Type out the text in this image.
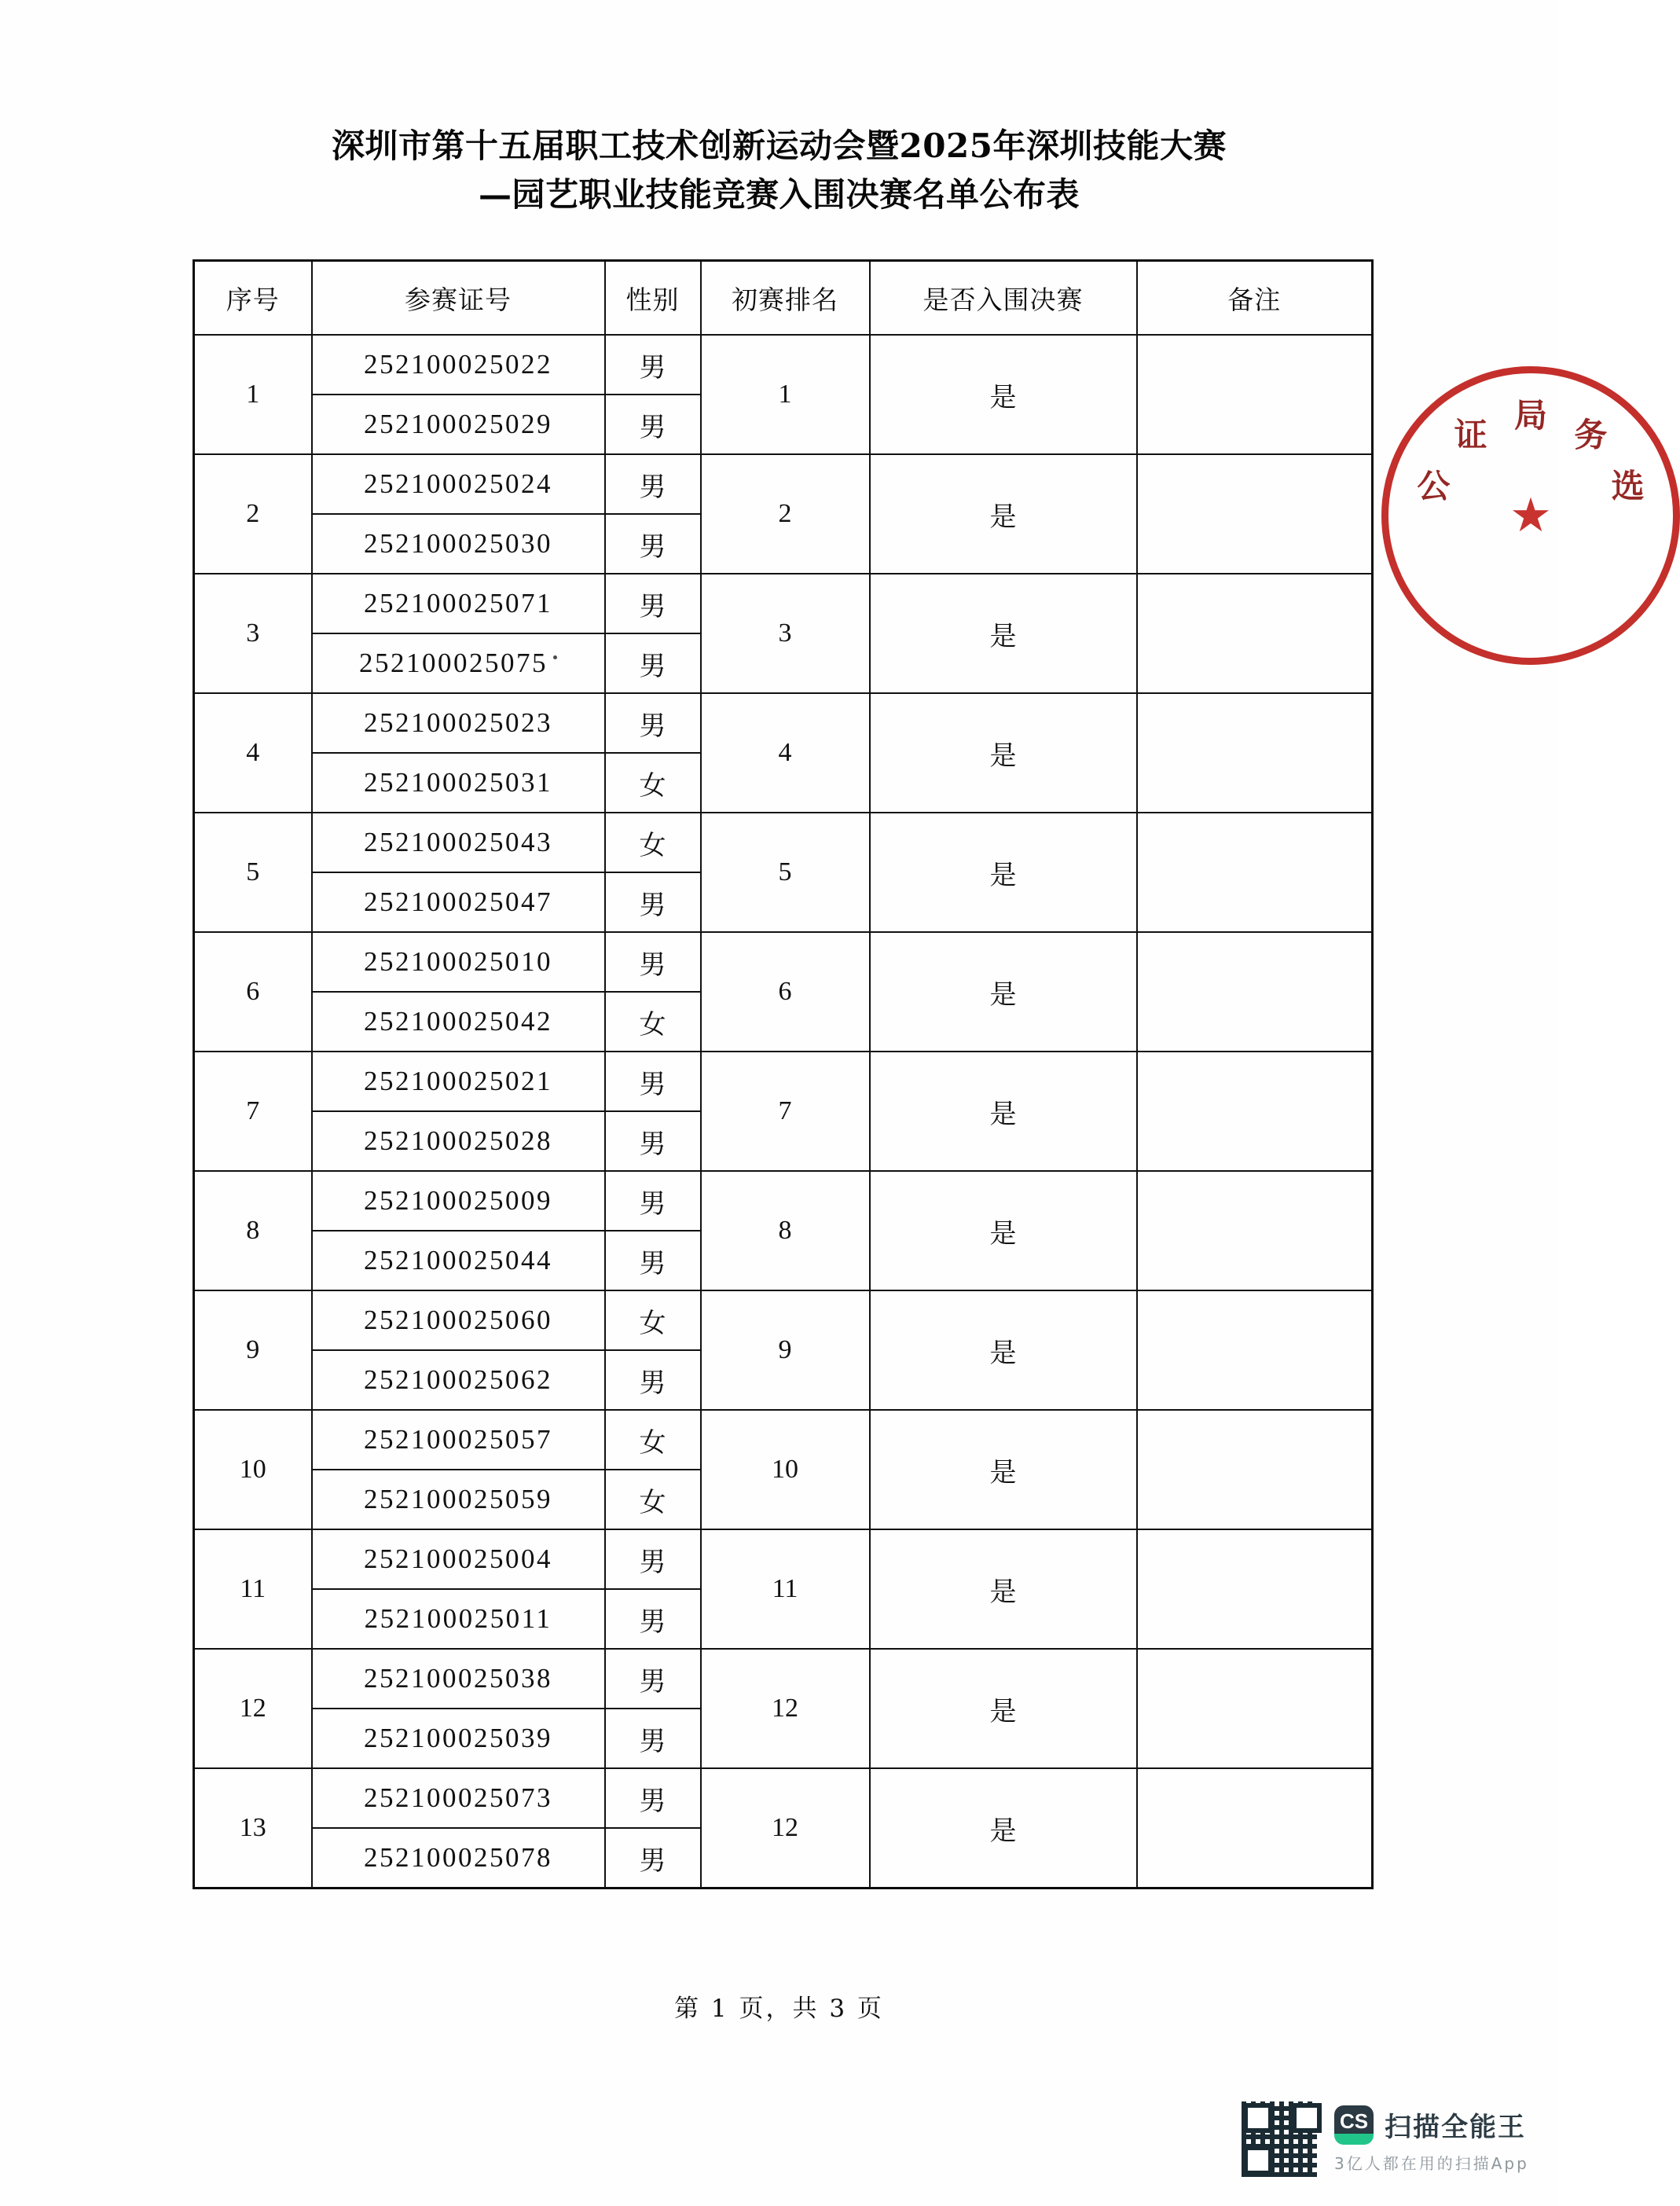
深圳市第十五届职工技术创新运动会暨2025年深圳技能大赛
—园艺职业技能竞赛入围决赛名单公布表
序号	参赛证号	性别	初赛排名	是否入围决赛	备注
1	252100025022	男	1	是	
	252100025029	男			
2	252100025024	男	2	是	
	252100025030	男			
3	252100025071	男	3	是	
	252100025075	男			
4	252100025023	男	4	是	
	252100025031	女			
5	252100025043	女	5	是	
	252100025047	男			
6	252100025010	男	6	是	
	252100025042	女			
7	252100025021	男	7	是	
	252100025028	男			
8	252100025009	男	8	是	
	252100025044	男			
9	252100025060	女	9	是	
	252100025062	男			
10	252100025057	女	10	是	
	252100025059	女			
11	252100025004	男	11	是	
	252100025011	男			
12	252100025038	男	12	是	
	252100025039	男			
13	252100025073	男	12	是	
	252100025078	男			
第 1 页，共 3 页
公
证
局
务
选
CS 扫描全能王
3亿人都在用的扫描App
